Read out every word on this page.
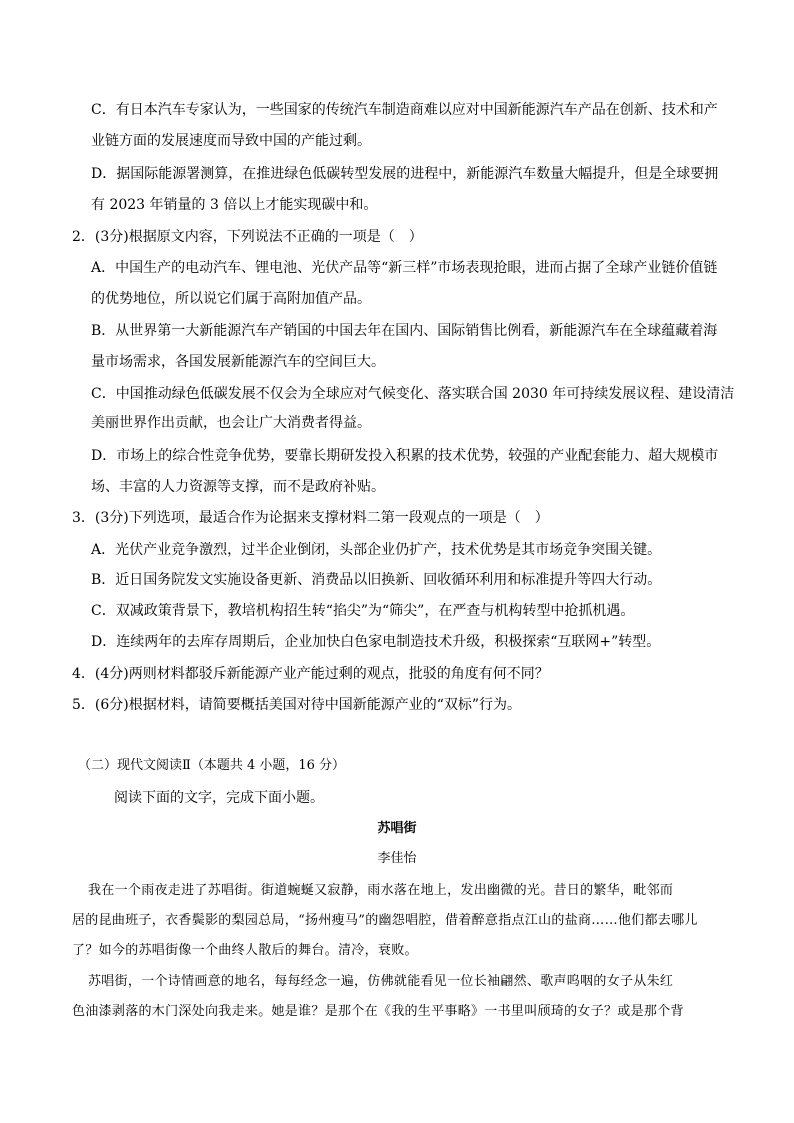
C．有日本汽车专家认为，一些国家的传统汽车制造商难以应对中国新能源汽车产品在创新、技术和产
业链方面的发展速度而导致中国的产能过剩。
D．据国际能源署测算，在推进绿色低碳转型发展的进程中，新能源汽车数量大幅提升，但是全球要拥
有 2023 年销量的 3 倍以上才能实现碳中和。
2．(3分)根据原文内容，下列说法不正确的一项是（　）
A．中国生产的电动汽车、锂电池、光伏产品等“新三样”市场表现抢眼，进而占据了全球产业链价值链
的优势地位，所以说它们属于高附加值产品。
B．从世界第一大新能源汽车产销国的中国去年在国内、国际销售比例看，新能源汽车在全球蕴藏着海
量市场需求，各国发展新能源汽车的空间巨大。
C．中国推动绿色低碳发展不仅会为全球应对气候变化、落实联合国 2030 年可持续发展议程、建设清洁
美丽世界作出贡献，也会让广大消费者得益。
D．市场上的综合性竞争优势，要靠长期研发投入积累的技术优势，较强的产业配套能力、超大规模市
场、丰富的人力资源等支撑，而不是政府补贴。
3．(3分)下列选项，最适合作为论据来支撑材料二第一段观点的一项是（　）
A．光伏产业竞争激烈，过半企业倒闭，头部企业仍扩产，技术优势是其市场竞争突围关键。
B．近日国务院发文实施设备更新、消费品以旧换新、回收循环利用和标准提升等四大行动。
C．双减政策背景下，教培机构招生转“掐尖”为“筛尖”，在严查与机构转型中抢抓机遇。
D．连续两年的去库存周期后，企业加快白色家电制造技术升级，积极探索“互联网+”转型。
4．(4分)两则材料都驳斥新能源产业产能过剩的观点，批驳的角度有何不同？
5．(6分)根据材料，请简要概括美国对待中国新能源产业的“双标”行为。
（二）现代文阅读Ⅱ（本题共 4 小题，16 分）
阅读下面的文字，完成下面小题。
苏唱街
李佳怡
我在一个雨夜走进了苏唱街。街道蜿蜒又寂静，雨水落在地上，发出幽微的光。昔日的繁华，毗邻而
居的昆曲班子，衣香鬓影的梨园总局，“扬州瘦马”的幽怨唱腔，借着醉意指点江山的盐商……他们都去哪儿
了？如今的苏唱街像一个曲终人散后的舞台。清冷，衰败。
苏唱街，一个诗情画意的地名，每每经念一遍，仿佛就能看见一位长袖翩然、歌声呜咽的女子从朱红
色油漆剥落的木门深处向我走来。她是谁？是那个在《我的生平事略》一书里叫颀琦的女子？或是那个背
